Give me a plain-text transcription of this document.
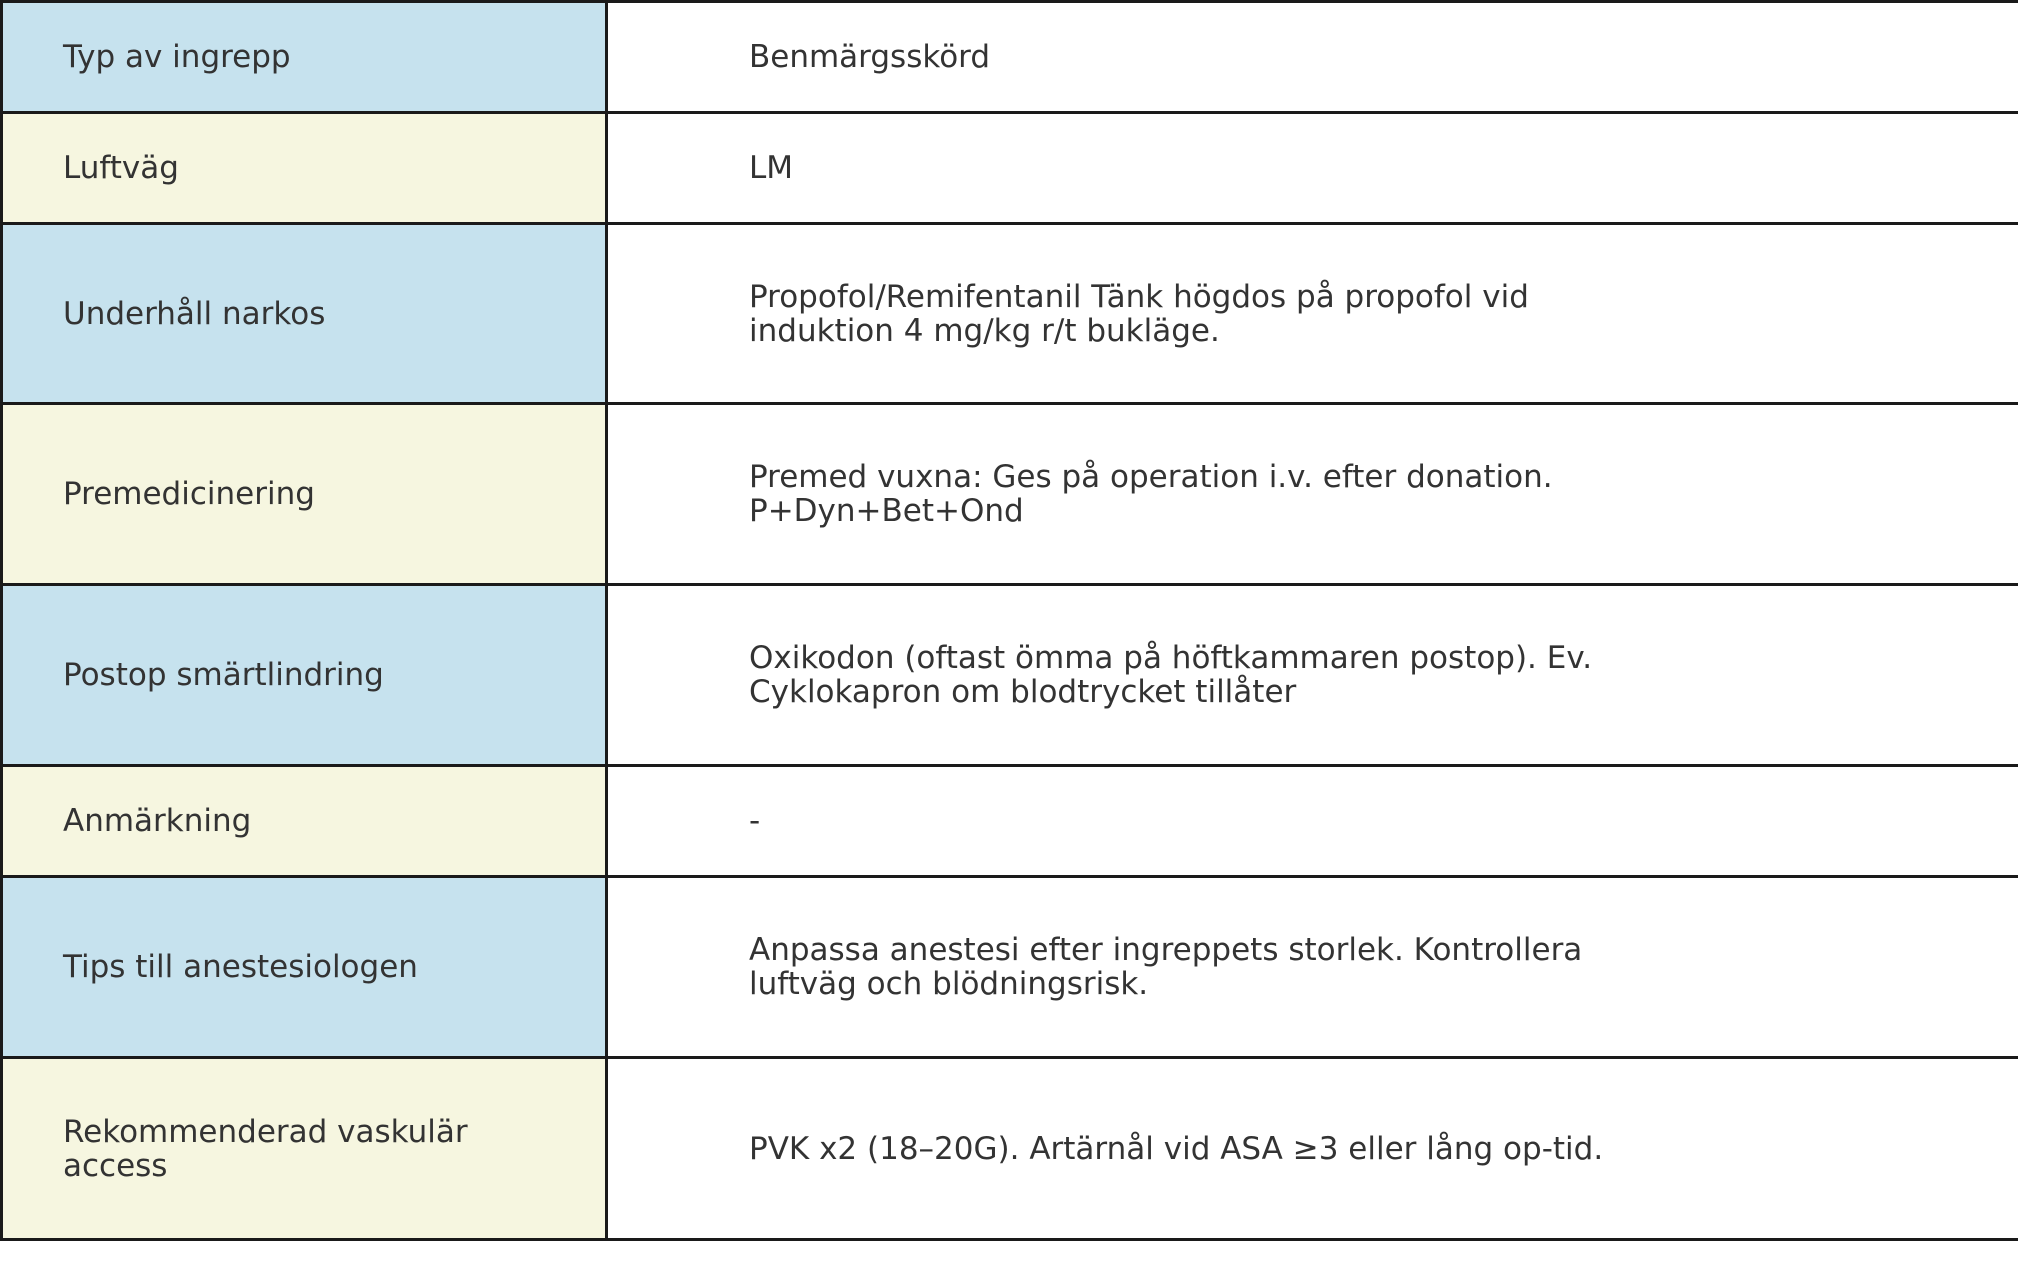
Typ av ingrepp	Benmärgsskörd

Luftväg	LM

Underhåll narkos	Propofol/Remifentanil Tänk högdos på propofol vid induktion 4 mg/kg r/t bukläge.

Premedicinering	Premed vuxna: Ges på operation i.v. efter donation. P+Dyn+Bet+Ond

Postop smärtlindring	Oxikodon (oftast ömma på höftkammaren postop). Ev. Cyklokapron om blodtrycket tillåter

Anmärkning	-

Tips till anestesiologen	Anpassa anestesi efter ingreppets storlek. Kontrollera luftväg och blödningsrisk.

Rekommenderad vaskulär access	PVK x2 (18–20G). Artärnål vid ASA ≥3 eller lång op-tid.
